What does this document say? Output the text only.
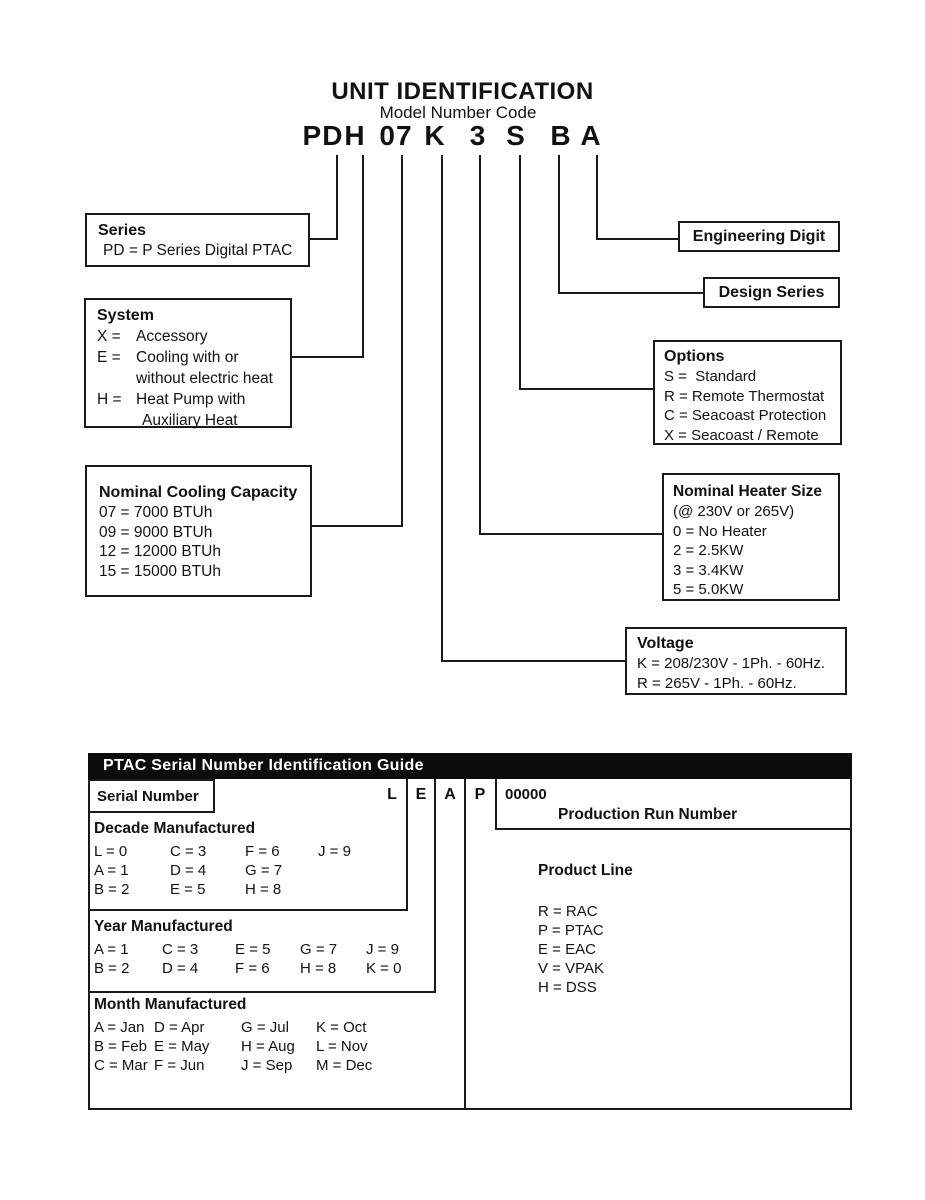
UNIT IDENTIFICATION
Model Number Code
PD H 07 K 3 S B A
Series
PD = P Series Digital PTAC
System
X = Accessory
E = Cooling with or
without electric heat
H = Heat Pump with
Auxiliary Heat
Nominal Cooling Capacity
07 = 7000 BTUh
09 = 9000 BTUh
12 = 12000 BTUh
15 = 15000 BTUh
Engineering Digit
Design Series
Options
S =  Standard
R = Remote Thermostat
C = Seacoast Protection
X = Seacoast / Remote
Nominal Heater Size
(@ 230V or 265V)
0 = No Heater
2 = 2.5KW
3 = 3.4KW
5 = 5.0KW
Voltage
K = 208/230V - 1Ph. - 60Hz.
R = 265V - 1Ph. - 60Hz.
PTAC Serial Number Identification Guide
Serial Number	L E A P 00000
Production Run Number
Decade Manufactured
L = 0	C = 3	F = 6	J = 9
A = 1	D = 4	G = 7
B = 2	E = 5	H = 8
Year Manufactured
A = 1 C = 3 E = 5 G = 7 J = 9
B = 2 D = 4 F = 6 H = 8 K = 0
Month Manufactured
A = Jan D = Apr G = Jul K = Oct
B = Feb E = May H = Aug L = Nov
C = Mar F = Jun J = Sep M = Dec
Product Line
R = RAC
P = PTAC
E = EAC
V = VPAK
H = DSS
